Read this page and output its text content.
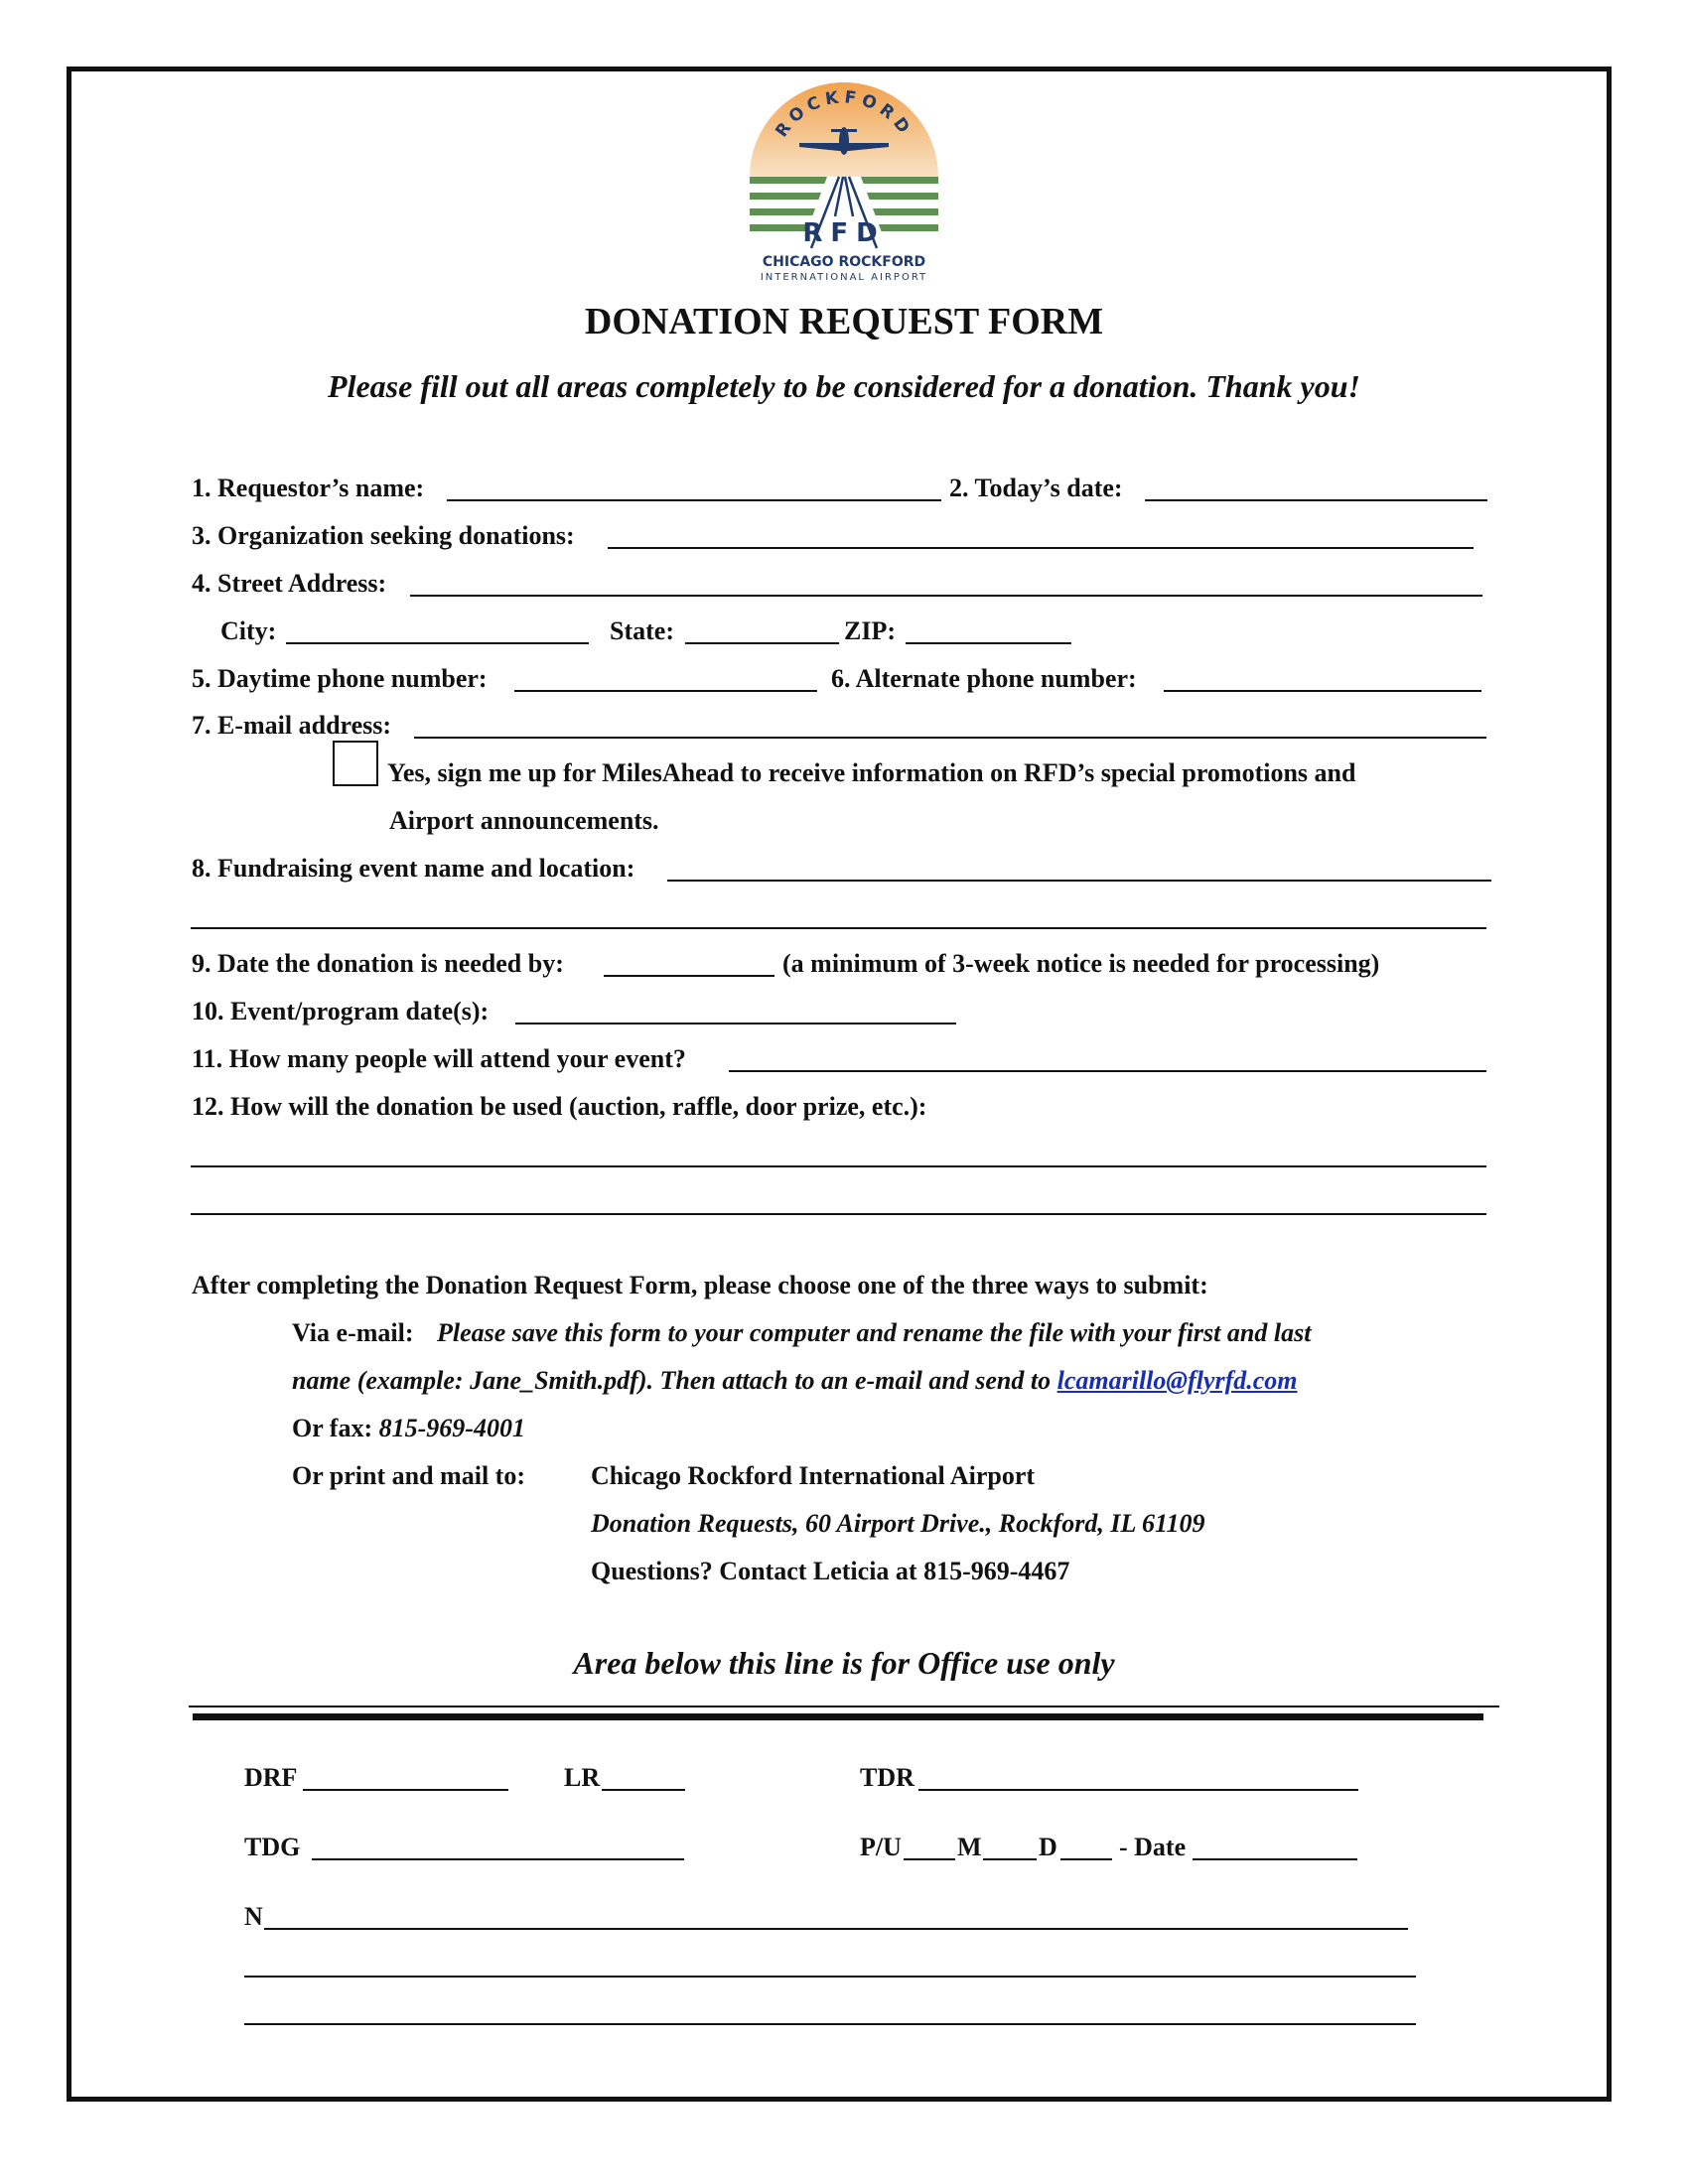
ROCKFORD
RFD
CHICAGO ROCKFORD
INTERNATIONAL AIRPORT
DONATION REQUEST FORM
Please fill out all areas completely to be considered for a donation. Thank you!
1. Requestor’s name:	2. Today’s date:
3. Organization seeking donations:
4. Street Address:
City:	State:	ZIP:
5. Daytime phone number:	6. Alternate phone number:
7. E-mail address:
Yes, sign me up for MilesAhead to receive information on RFD’s special promotions and
Airport announcements.
8. Fundraising event name and location:
9. Date the donation is needed by:	(a minimum of 3-week notice is needed for processing)
10. Event/program date(s):
11. How many people will attend your event?
12. How will the donation be used (auction, raffle, door prize, etc.):
After completing the Donation Request Form, please choose one of the three ways to submit:
Via e-mail: Please save this form to your computer and rename the file with your first and last
name (example: Jane_Smith.pdf). Then attach to an e-mail and send to lcamarillo@flyrfd.com
Or fax: 815-969-4001
Or print and mail to:	Chicago Rockford International Airport
Donation Requests, 60 Airport Drive., Rockford, IL 61109
Questions? Contact Leticia at 815-969-4467
Area below this line is for Office use only
DRF	LR	TDR
TDG	P/U M D - Date
N
